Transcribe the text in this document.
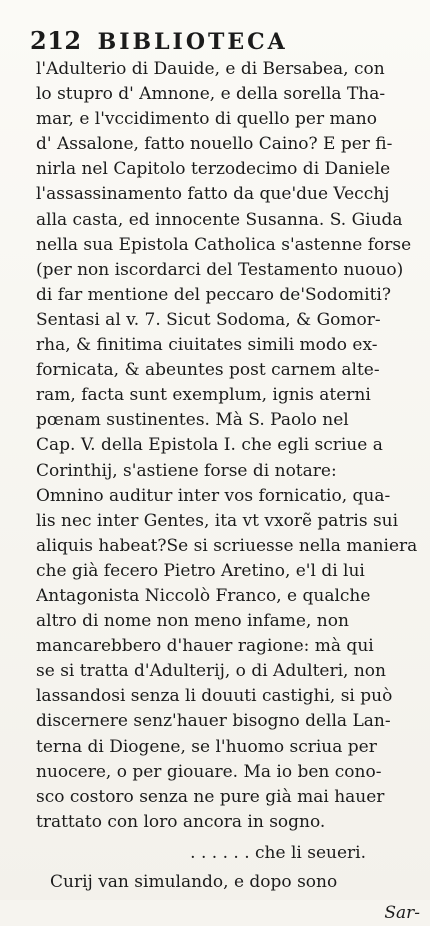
212 BIBLIOTECA
l'Adulterio di Dauide, e di Bersabea, con
lo stupro d' Amnone, e della sorella Tha-
mar, e l'vccidimento di quello per mano
d' Assalone, fatto nouello Caino? E per fi-
nirla nel Capitolo terzodecimo di Daniele
l'assassinamento fatto da que'due Vecchj
alla casta, ed innocente Susanna. S. Giuda
nella sua Epistola Catholica s'astenne forse
(per non iscordarci del Testamento nuouo)
di far mentione del peccaro de'Sodomiti?
Sentasi al v. 7. Sicut Sodoma, & Gomor-
rha, & finitima ciuitates simili modo ex-
fornicata, & abeuntes post carnem alte-
ram, facta sunt exemplum, ignis aterni
pœnam sustinentes. Mà S. Paolo nel
Cap. V. della Epistola I. che egli scriue a
Corinthij, s'astiene forse di notare:
Omnino auditur inter vos fornicatio, qua-
lis nec inter Gentes, ita vt vxorẽ patris sui
aliquis habeat?Se si scriuesse nella maniera
che già fecero Pietro Aretino, e'l di lui
Antagonista Niccolò Franco, e qualche
altro di nome non meno infame, non
mancarebbero d'hauer ragione: mà qui
se si tratta d'Adulterij, o di Adulteri, non
lassandosi senza li douuti castighi, si può
discernere senz'hauer bisogno della Lan-
terna di Diogene, se l'huomo scriua per
nuocere, o per giouare. Ma io ben cono-
sco costoro senza ne pure già mai hauer
trattato con loro ancora in sogno.
. . . . . . che li seueri.
Curij van simulando, e dopo sono
Sar-
